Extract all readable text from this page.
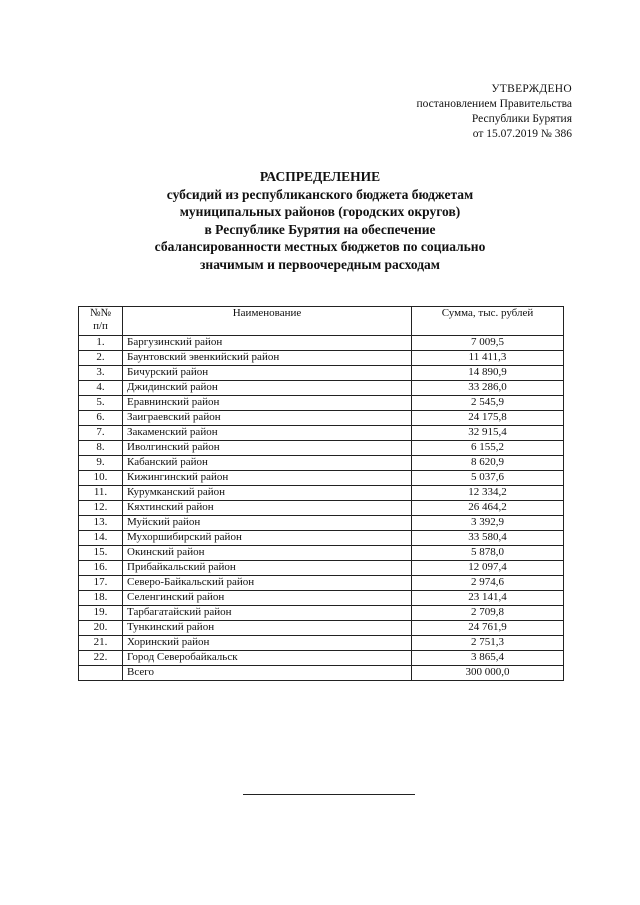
УТВЕРЖДЕНО
постановлением Правительства
Республики Бурятия
от 15.07.2019 № 386
РАСПРЕДЕЛЕНИЕ
субсидий из республиканского бюджета бюджетам
муниципальных районов (городских округов)
в Республике Бурятия на обеспечение
сбалансированности местных бюджетов по социально
значимым и первоочередным расходам
№№
п/п	Наименование	Сумма, тыс. рублей
1.	Баргузинский район	7 009,5
2.	Баунтовский эвенкийский район	11 411,3
3.	Бичурский район	14 890,9
4.	Джидинский район	33 286,0
5.	Еравнинский район	2 545,9
6.	Заиграевский район	24 175,8
7.	Закаменский район	32 915,4
8.	Иволгинский район	6 155,2
9.	Кабанский район	8 620,9
10.	Кижингинский район	5 037,6
11.	Курумканский район	12 334,2
12.	Кяхтинский район	26 464,2
13.	Муйский район	3 392,9
14.	Мухоршибирский район	33 580,4
15.	Окинский район	5 878,0
16.	Прибайкальский район	12 097,4
17.	Северо-Байкальский район	2 974,6
18.	Селенгинский район	23 141,4
19.	Тарбагатайский район	2 709,8
20.	Тункинский район	24 761,9
21.	Хоринский район	2 751,3
22.	Город Северобайкальск	3 865,4
	Всего	300 000,0
